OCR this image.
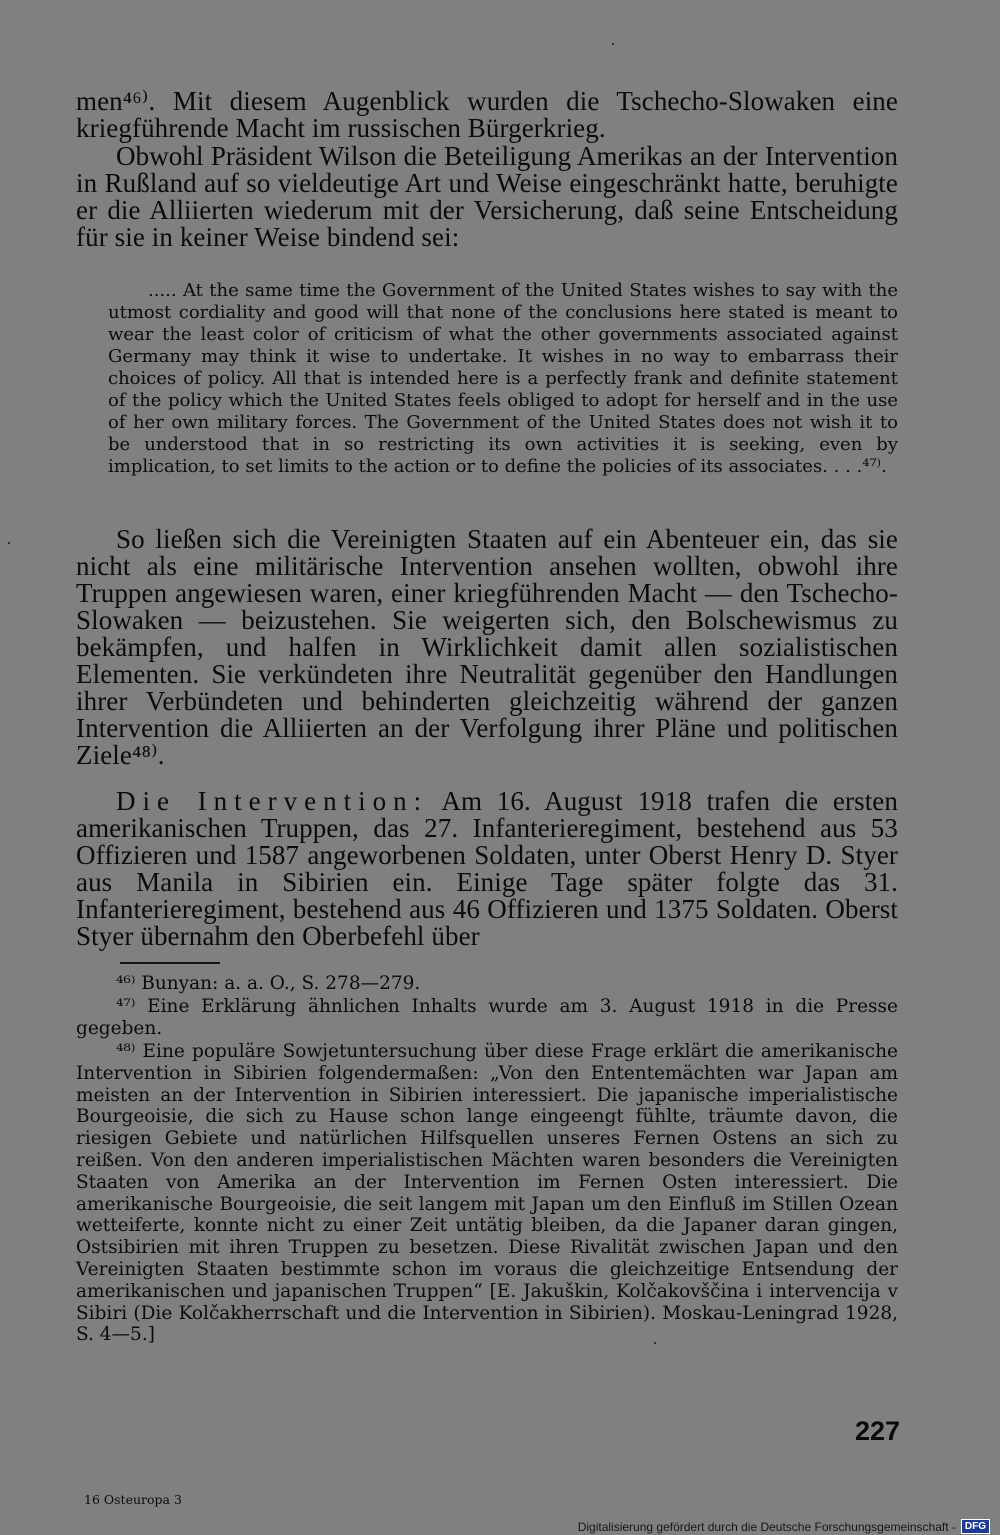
men⁴⁶⁾. Mit diesem Augenblick wurden die Tschecho-Slowaken eine kriegführende Macht im russischen Bürgerkrieg.

Obwohl Präsident Wilson die Beteiligung Amerikas an der Intervention in Rußland auf so vieldeutige Art und Weise eingeschränkt hatte, beruhigte er die Alliierten wiederum mit der Versicherung, daß seine Entscheidung für sie in keiner Weise bindend sei:

..... At the same time the Government of the United States wishes to say with the utmost cordiality and good will that none of the conclusions here stated is meant to wear the least color of criticism of what the other governments associated against Germany may think it wise to undertake. It wishes in no way to embarrass their choices of policy. All that is intended here is a perfectly frank and definite statement of the policy which the United States feels obliged to adopt for herself and in the use of her own military forces. The Government of the United States does not wish it to be understood that in so restricting its own activities it is seeking, even by implication, to set limits to the action or to define the policies of its associates. . . .⁴⁷⁾.

So ließen sich die Vereinigten Staaten auf ein Abenteuer ein, das sie nicht als eine militärische Intervention ansehen wollten, obwohl ihre Truppen angewiesen waren, einer kriegführenden Macht — den Tschecho-Slowaken — beizustehen. Sie weigerten sich, den Bolschewismus zu bekämpfen, und halfen in Wirklichkeit damit allen sozialistischen Elementen. Sie verkündeten ihre Neutralität gegenüber den Handlungen ihrer Verbündeten und behinderten gleichzeitig während der ganzen Intervention die Alliierten an der Verfolgung ihrer Pläne und politischen Ziele⁴⁸⁾.

Die Intervention: Am 16. August 1918 trafen die ersten amerikanischen Truppen, das 27. Infanterieregiment, bestehend aus 53 Offizieren und 1587 angeworbenen Soldaten, unter Oberst Henry D. Styer aus Manila in Sibirien ein. Einige Tage später folgte das 31. Infanterieregiment, bestehend aus 46 Offizieren und 1375 Soldaten. Oberst Styer übernahm den Oberbefehl über

⁴⁶⁾ Bunyan: a. a. O., S. 278—279.

⁴⁷⁾ Eine Erklärung ähnlichen Inhalts wurde am 3. August 1918 in die Presse gegeben.

⁴⁸⁾ Eine populäre Sowjetuntersuchung über diese Frage erklärt die amerikanische Intervention in Sibirien folgendermaßen: „Von den Ententemächten war Japan am meisten an der Intervention in Sibirien interessiert. Die japanische imperialistische Bourgeoisie, die sich zu Hause schon lange eingeengt fühlte, träumte davon, die riesigen Gebiete und natürlichen Hilfsquellen unseres Fernen Ostens an sich zu reißen. Von den anderen imperialistischen Mächten waren besonders die Vereinigten Staaten von Amerika an der Intervention im Fernen Osten interessiert. Die amerikanische Bourgeoisie, die seit langem mit Japan um den Einfluß im Stillen Ozean wetteiferte, konnte nicht zu einer Zeit untätig bleiben, da die Japaner daran gingen, Ostsibirien mit ihren Truppen zu besetzen. Diese Rivalität zwischen Japan und den Vereinigten Staaten bestimmte schon im voraus die gleichzeitige Entsendung der amerikanischen und japanischen Truppen“ [E. Jakuškin, Kolčakovščina i intervencija v Sibiri (Die Kolčakherrschaft und die Intervention in Sibirien). Moskau-Leningrad 1928, S. 4—5.]

227
16 Osteuropa 3
Digitalisierung gefördert durch die Deutsche Forschungsgemeinschaft - DFG
